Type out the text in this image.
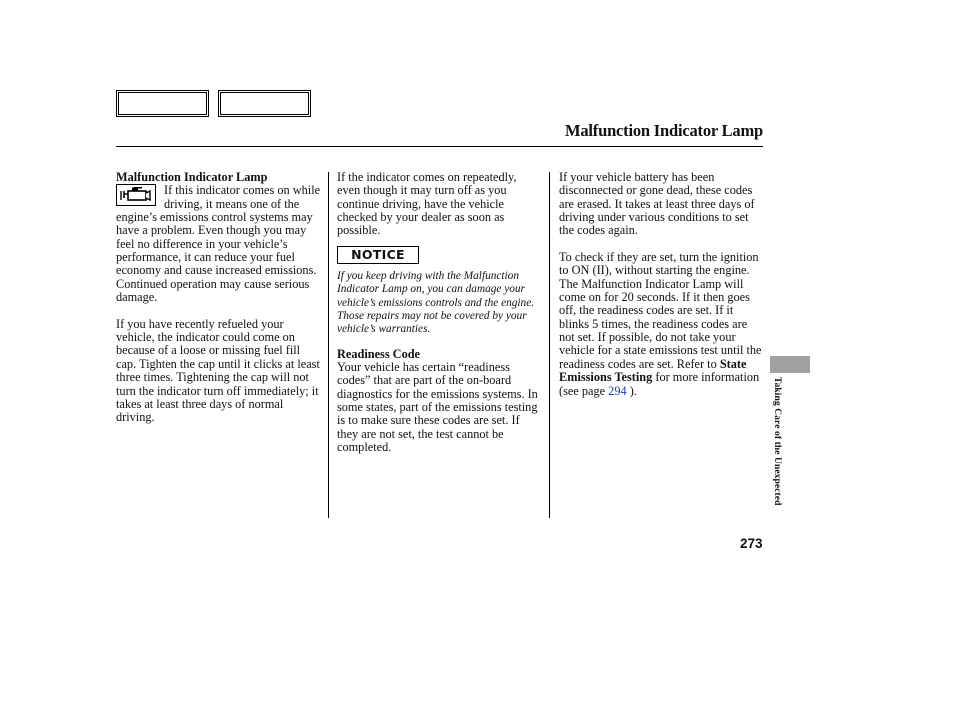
Malfunction Indicator Lamp
Malfunction Indicator Lamp

If this indicator comes on while driving, it means one of the engine’s emissions control systems may have a problem. Even though you may feel no difference in your vehicle’s performance, it can reduce your fuel economy and cause increased emissions. Continued operation may cause serious damage.

If you have recently refueled your vehicle, the indicator could come on because of a loose or missing fuel fill cap. Tighten the cap until it clicks at least three times. Tightening the cap will not turn the indicator turn off immediately; it takes at least three days of normal driving.

If the indicator comes on repeatedly, even though it may turn off as you continue driving, have the vehicle checked by your dealer as soon as possible.

NOTICE

If you keep driving with the Malfunction Indicator Lamp on, you can damage your vehicle’s emissions controls and the engine. Those repairs may not be covered by your vehicle’s warranties.

Readiness Code

Your vehicle has certain “readiness codes” that are part of the on-board diagnostics for the emissions systems. In some states, part of the emissions testing is to make sure these codes are set. If they are not set, the test cannot be completed.

If your vehicle battery has been disconnected or gone dead, these codes are erased. It takes at least three days of driving under various conditions to set the codes again.

To check if they are set, turn the ignition to ON (II), without starting the engine. The Malfunction Indicator Lamp will come on for 20 seconds. If it then goes off, the readiness codes are set. If it blinks 5 times, the readiness codes are not set. If possible, do not take your vehicle for a state emissions test until the readiness codes are set. Refer to State Emissions Testing for more information (see page 294 ).	Taking Care of the Unexpected
273
